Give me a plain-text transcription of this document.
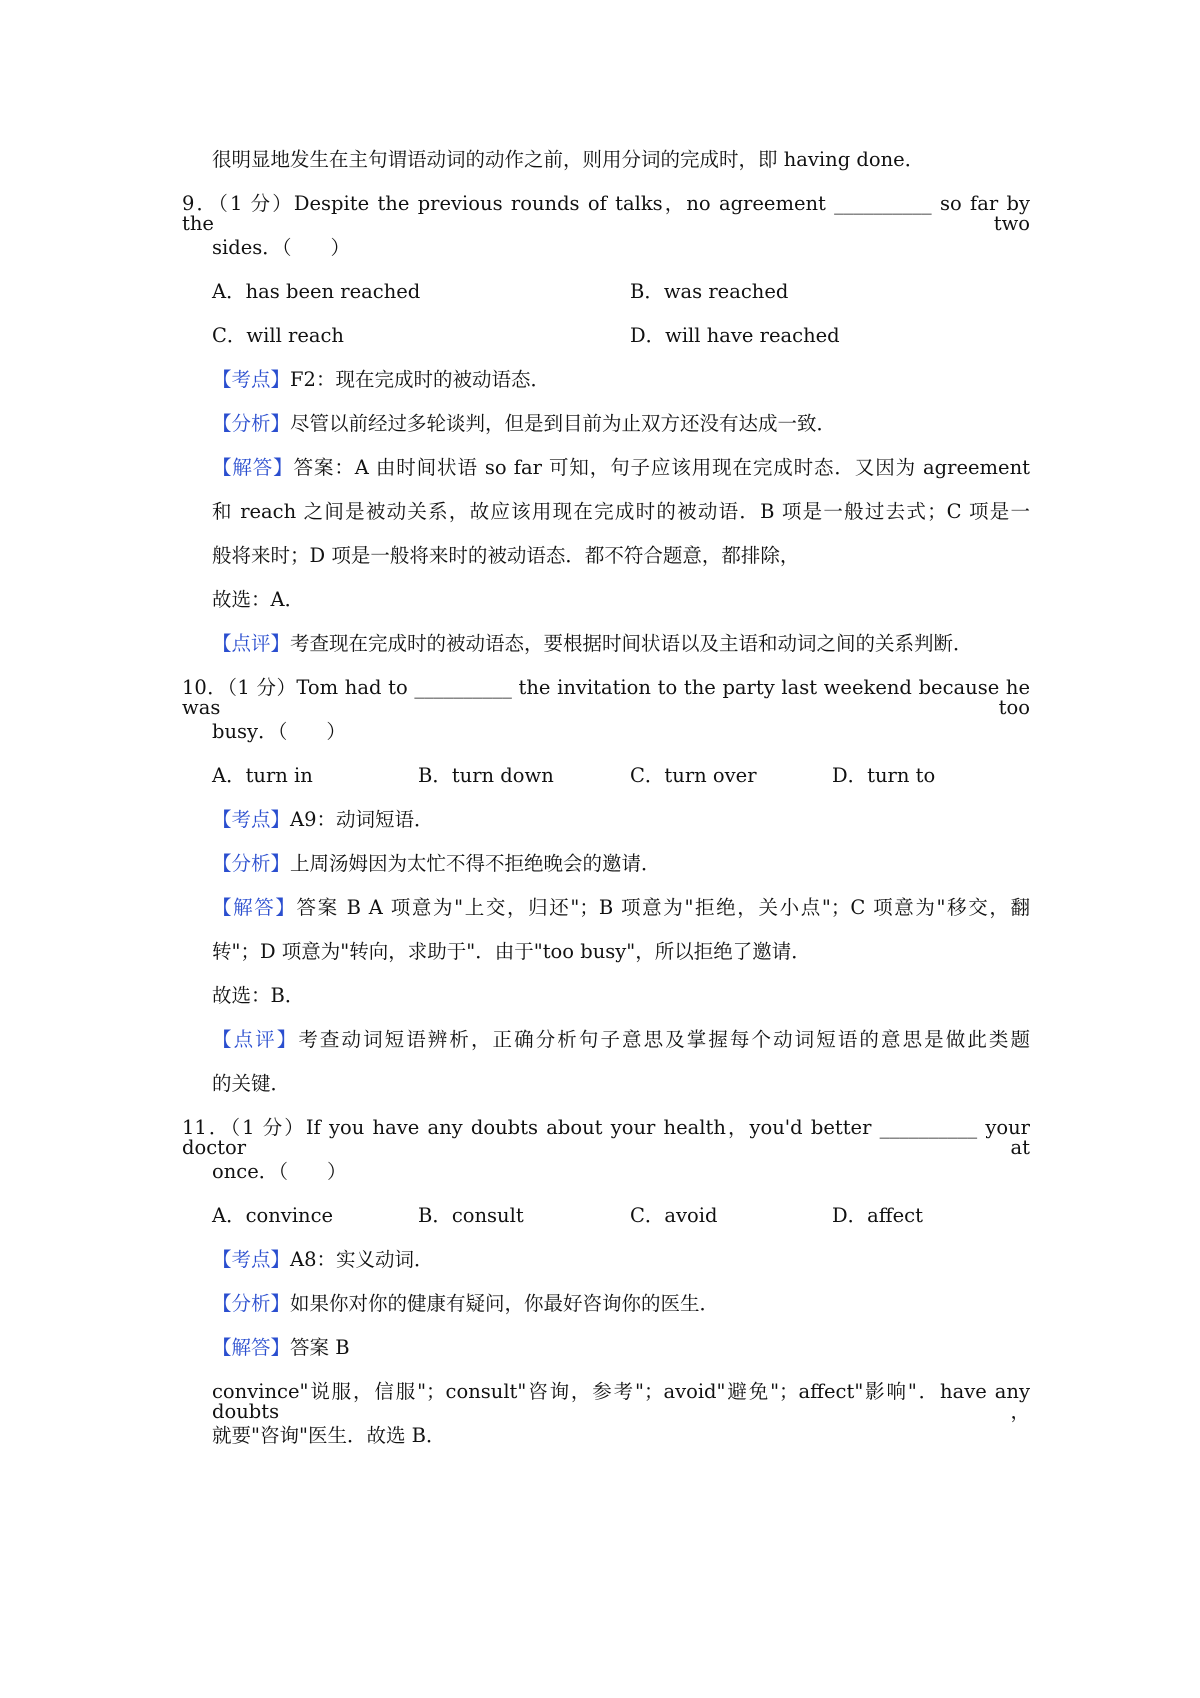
很明显地发生在主句谓语动词的动作之前，则用分词的完成时，即 having done．
9．（1 分）Despite the previous rounds of talks，no agreement __________ so far by the two
sides．（　　）
A．has been reached	B．was reached
C．will reach	D．will have reached
【考点】F2：现在完成时的被动语态．
【分析】尽管以前经过多轮谈判，但是到目前为止双方还没有达成一致．
【解答】答案：A 由时间状语 so far 可知，句子应该用现在完成时态．又因为 agreement
和 reach 之间是被动关系，故应该用现在完成时的被动语．B 项是一般过去式；C 项是一
般将来时；D 项是一般将来时的被动语态．都不符合题意，都排除，
故选：A．
【点评】考查现在完成时的被动语态，要根据时间状语以及主语和动词之间的关系判断．
10．（1 分）Tom had to __________ the invitation to the party last weekend because he was too
busy．（　　）
A．turn in	B．turn down	C．turn over	D．turn to
【考点】A9：动词短语．
【分析】上周汤姆因为太忙不得不拒绝晚会的邀请．
【解答】答案 B A 项意为"上交，归还"；B 项意为"拒绝，关小点"；C 项意为"移交，翻
转"；D 项意为"转向，求助于"．由于"too busy"，所以拒绝了邀请．
故选：B．
【点评】考查动词短语辨析，正确分析句子意思及掌握每个动词短语的意思是做此类题
的关键．
11．（1 分）If you have any doubts about your health，you'd better __________ your doctor at
once．（　　）
A．convince	B．consult	C．avoid	D．affect
【考点】A8：实义动词．
【分析】如果你对你的健康有疑问，你最好咨询你的医生．
【解答】答案 B
convince"说服，信服"；consult"咨询，参考"；avoid"避免"；affect"影响"．have any doubts，
就要"咨询"医生．故选 B．
